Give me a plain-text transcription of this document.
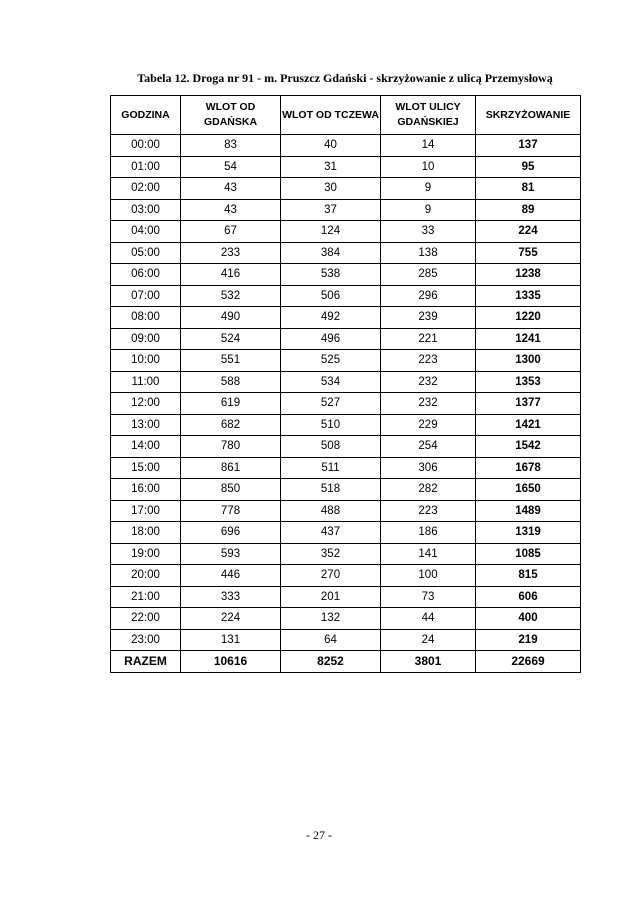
Tabela 12. Droga nr 91 - m. Pruszcz Gdański - skrzyżowanie z ulicą Przemysłową
GODZINA	WLOT OD GDAŃSKA	WLOT OD TCZEWA	WLOT ULICY GDAŃSKIEJ	SKRZYŻOWANIE
00:00	83	40	14	137
01:00	54	31	10	95
02:00	43	30	9	81
03:00	43	37	9	89
04:00	67	124	33	224
05:00	233	384	138	755
06:00	416	538	285	1238
07:00	532	506	296	1335
08:00	490	492	239	1220
09:00	524	496	221	1241
10:00	551	525	223	1300
11:00	588	534	232	1353
12:00	619	527	232	1377
13:00	682	510	229	1421
14:00	780	508	254	1542
15:00	861	511	306	1678
16:00	850	518	282	1650
17:00	778	488	223	1489
18:00	696	437	186	1319
19:00	593	352	141	1085
20:00	446	270	100	815
21:00	333	201	73	606
22:00	224	132	44	400
23:00	131	64	24	219
RAZEM	10616	8252	3801	22669
- 27 -
